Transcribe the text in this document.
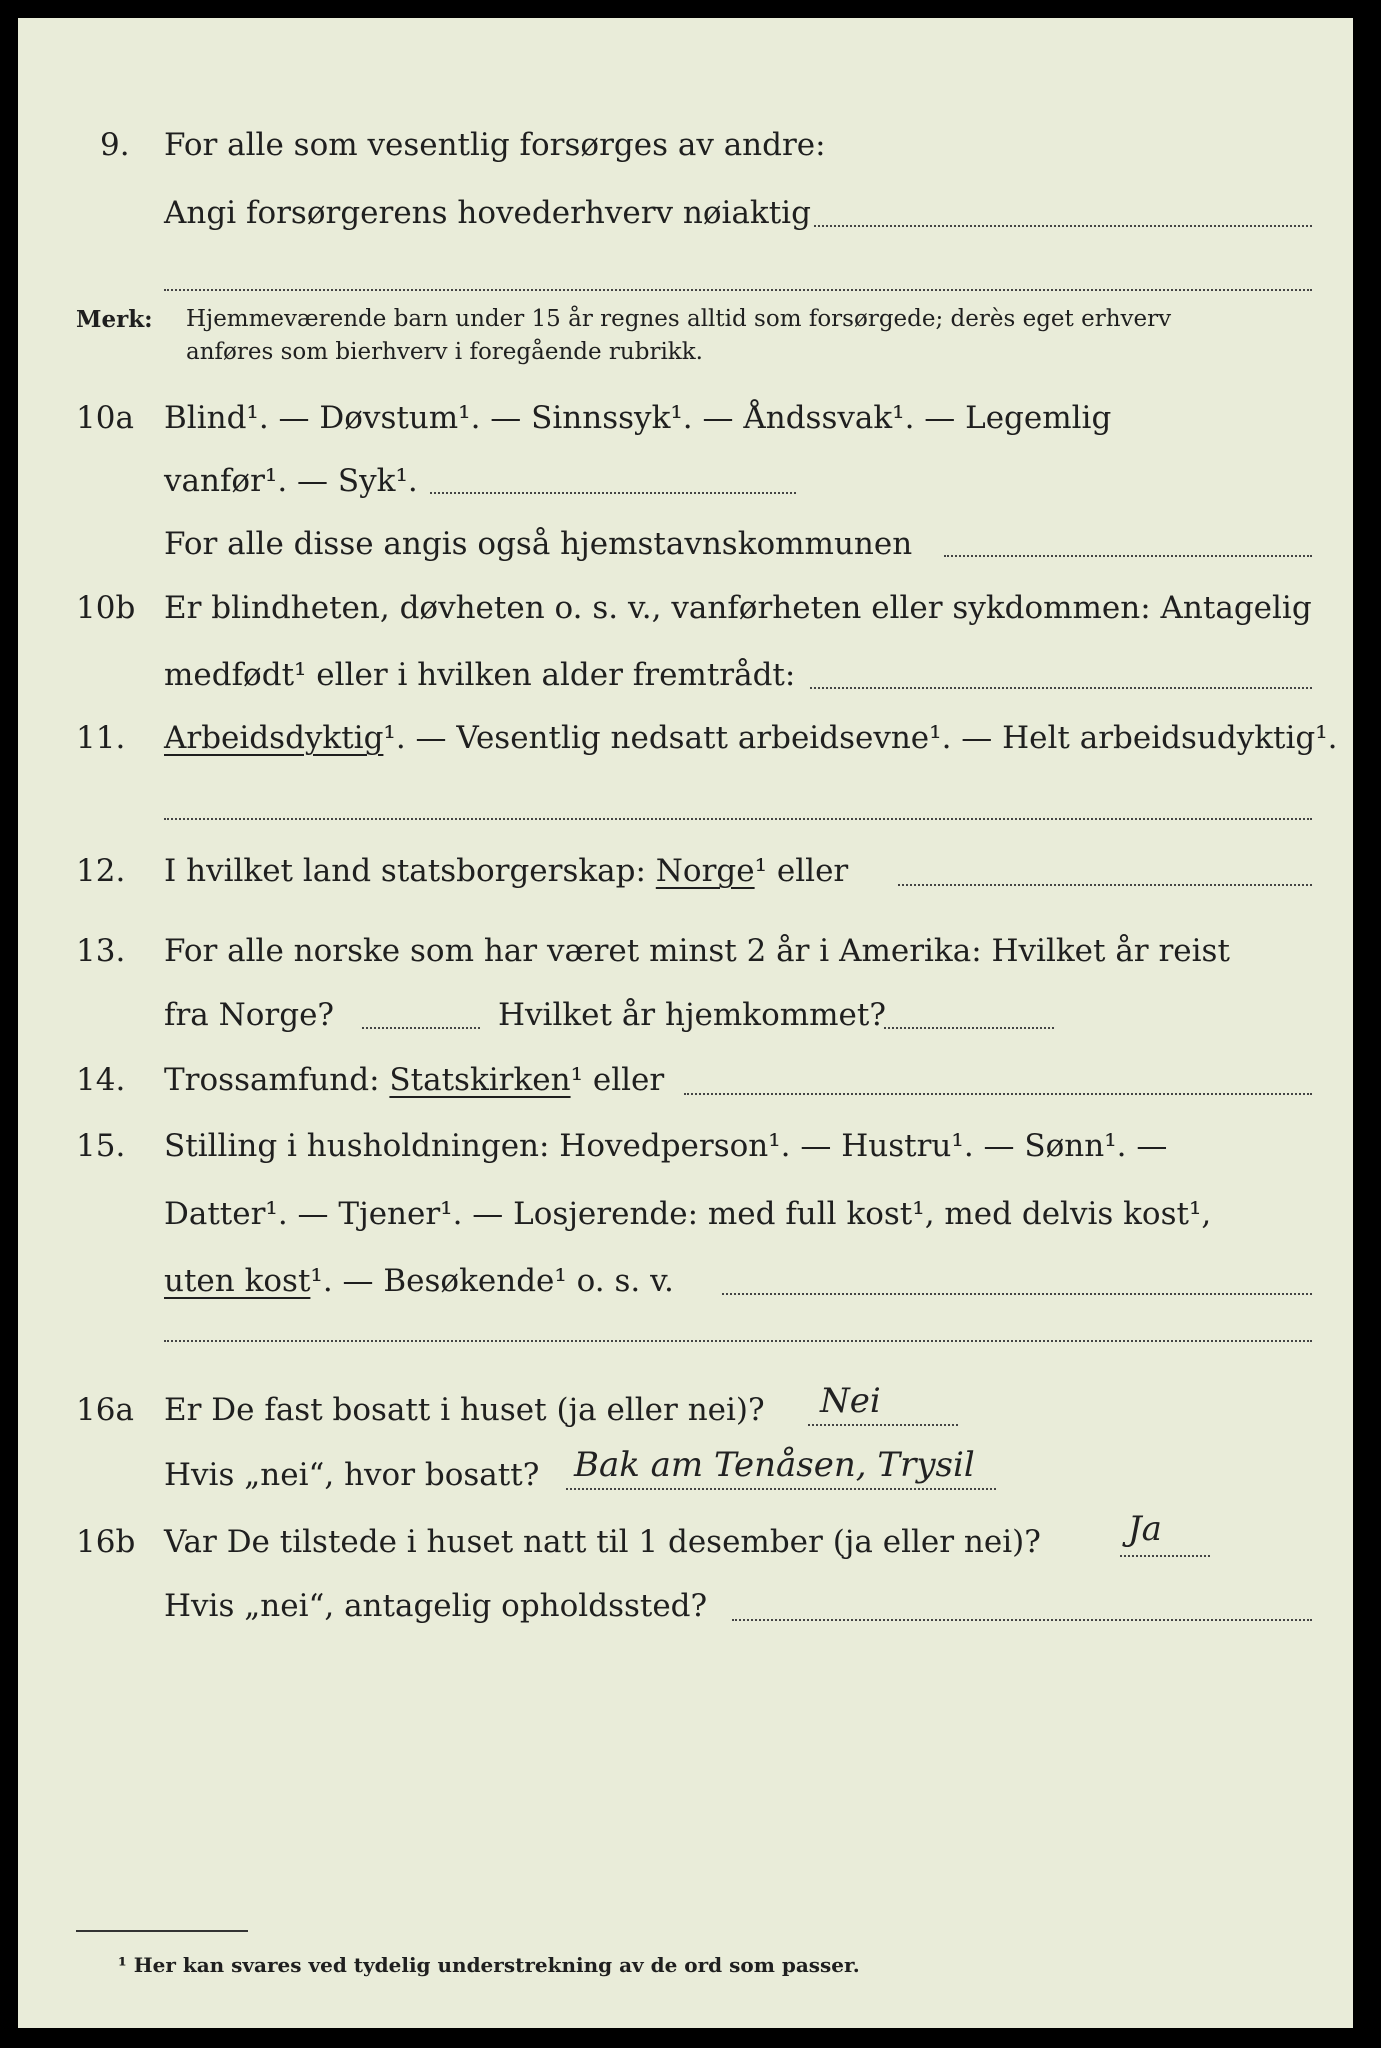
9. For alle som vesentlig forsørges av andre:
Angi forsørgerens hovederhverv nøiaktig
Merk: Hjemmeværende barn under 15 år regnes alltid som forsørgede; derès eget erhverv
anføres som bierhverv i foregående rubrikk.
10a Blind¹. — Døvstum¹. — Sinnssyk¹. — Åndssvak¹. — Legemlig
vanfør¹. — Syk¹.
For alle disse angis også hjemstavnskommunen
10b Er blindheten, døvheten o. s. v., vanførheten eller sykdommen: Antagelig
medfødt¹ eller i hvilken alder fremtrådt:
11. Arbeidsdyktig¹. — Vesentlig nedsatt arbeidsevne¹. — Helt arbeidsudyktig¹.
12. I hvilket land statsborgerskap: Norge¹ eller
13. For alle norske som har været minst 2 år i Amerika: Hvilket år reist
fra Norge?	Hvilket år hjemkommet?
14. Trossamfund: Statskirken¹ eller
15. Stilling i husholdningen: Hovedperson¹. — Hustru¹. — Sønn¹. —
Datter¹. — Tjener¹. — Losjerende: med full kost¹, med delvis kost¹,
uten kost¹. — Besøkende¹ o. s. v.
16a Er De fast bosatt i huset (ja eller nei)? Nei
Hvis „nei“, hvor bosatt? Bak am Tenåsen, Trysil
16b Var De tilstede i huset natt til 1 desember (ja eller nei)?	Ja
Hvis „nei“, antagelig opholdssted?
¹ Her kan svares ved tydelig understrekning av de ord som passer.
